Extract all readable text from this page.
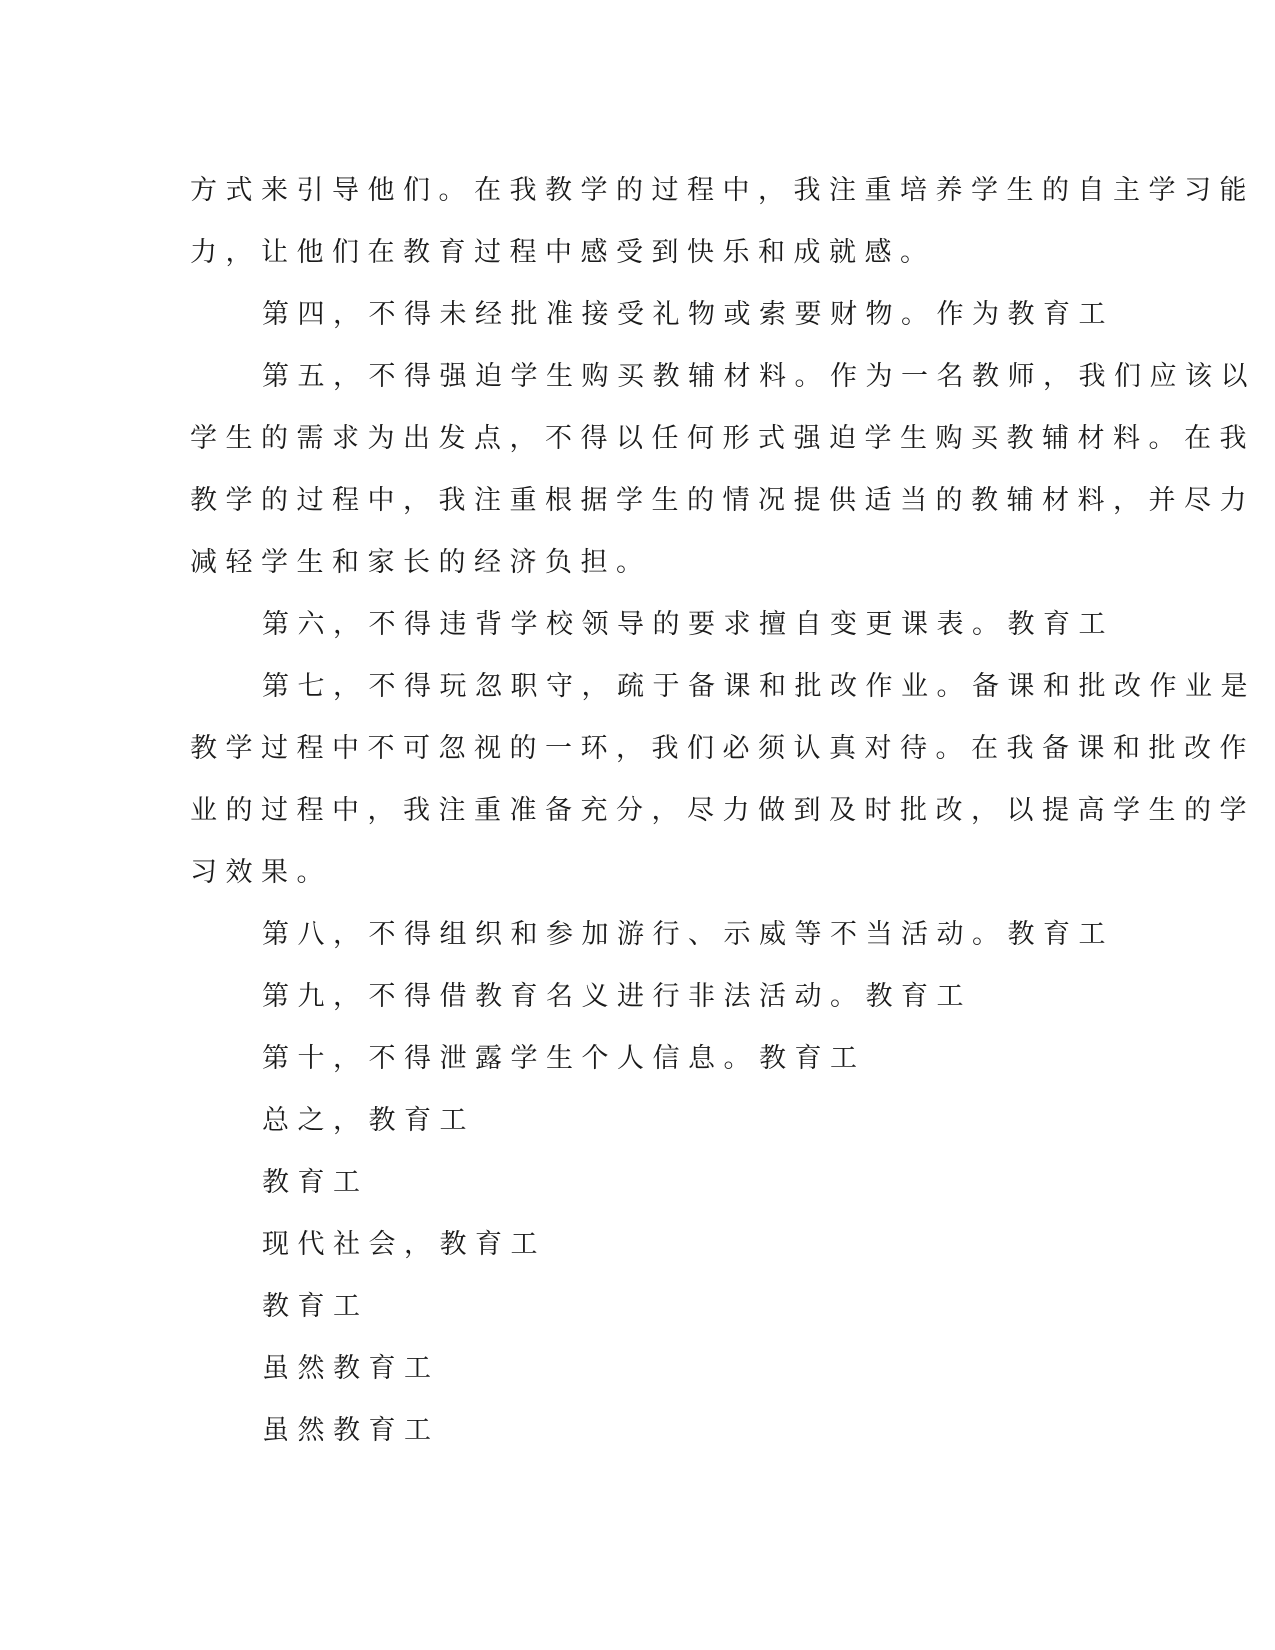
方式来引导他们。在我教学的过程中，我注重培养学生的自主学习能
力，让他们在教育过程中感受到快乐和成就感。
第四，不得未经批准接受礼物或索要财物。作为教育工
第五，不得强迫学生购买教辅材料。作为一名教师，我们应该以
学生的需求为出发点，不得以任何形式强迫学生购买教辅材料。在我
教学的过程中，我注重根据学生的情况提供适当的教辅材料，并尽力
减轻学生和家长的经济负担。
第六，不得违背学校领导的要求擅自变更课表。教育工
第七，不得玩忽职守，疏于备课和批改作业。备课和批改作业是
教学过程中不可忽视的一环，我们必须认真对待。在我备课和批改作
业的过程中，我注重准备充分，尽力做到及时批改，以提高学生的学
习效果。
第八，不得组织和参加游行、示威等不当活动。教育工
第九，不得借教育名义进行非法活动。教育工
第十，不得泄露学生个人信息。教育工
总之，教育工
教育工
现代社会，教育工
教育工
虽然教育工
虽然教育工
